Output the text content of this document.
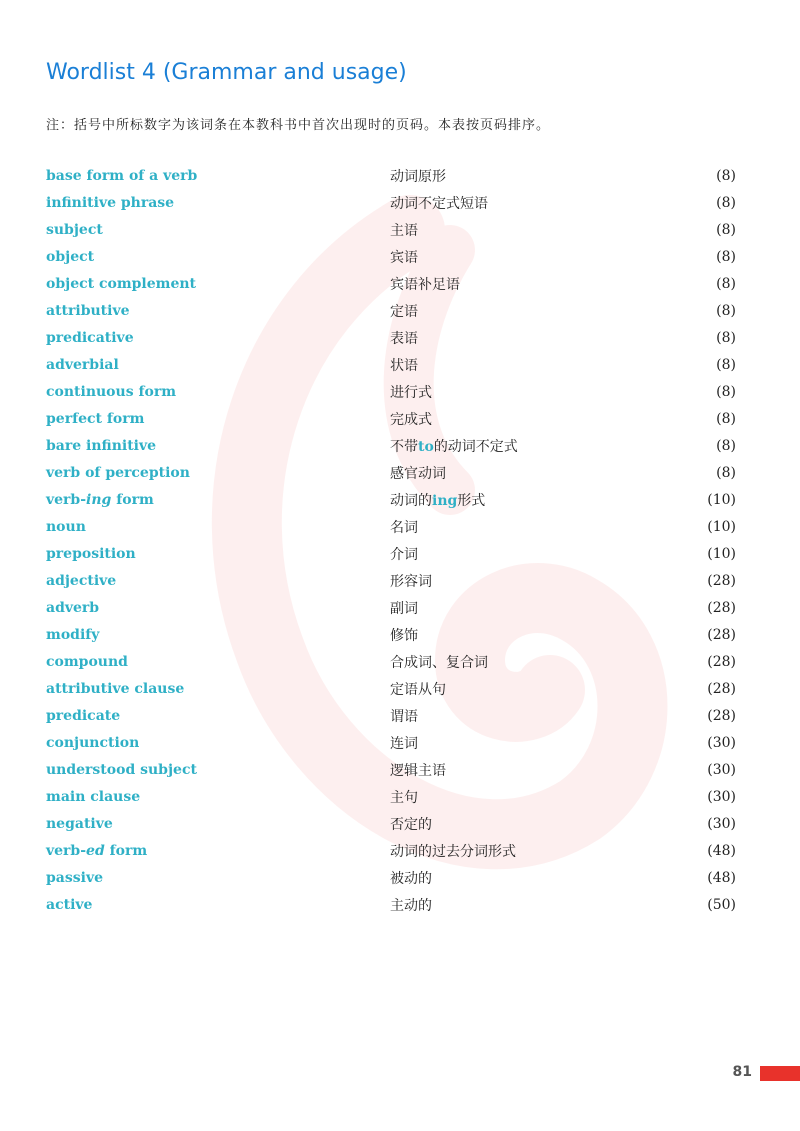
Wordlist 4 (Grammar and usage)
注：括号中所标数字为该词条在本教科书中首次出现时的页码。本表按页码排序。
base form of a verb	动词原形	(8)
infinitive phrase	动词不定式短语	(8)
subject	主语	(8)
object	宾语	(8)
object complement	宾语补足语	(8)
attributive	定语	(8)
predicative	表语	(8)
adverbial	状语	(8)
continuous form	进行式	(8)
perfect form	完成式	(8)
bare infinitive	不带to的动词不定式	(8)
verb of perception	感官动词	(8)
verb-ing form	动词的ing形式	(10)
noun	名词	(10)
preposition	介词	(10)
adjective	形容词	(28)
adverb	副词	(28)
modify	修饰	(28)
compound	合成词、复合词	(28)
attributive clause	定语从句	(28)
predicate	谓语	(28)
conjunction	连词	(30)
understood subject	逻辑主语	(30)
main clause	主句	(30)
negative	否定的	(30)
verb-ed form	动词的过去分词形式	(48)
passive	被动的	(48)
active	主动的	(50)
81
